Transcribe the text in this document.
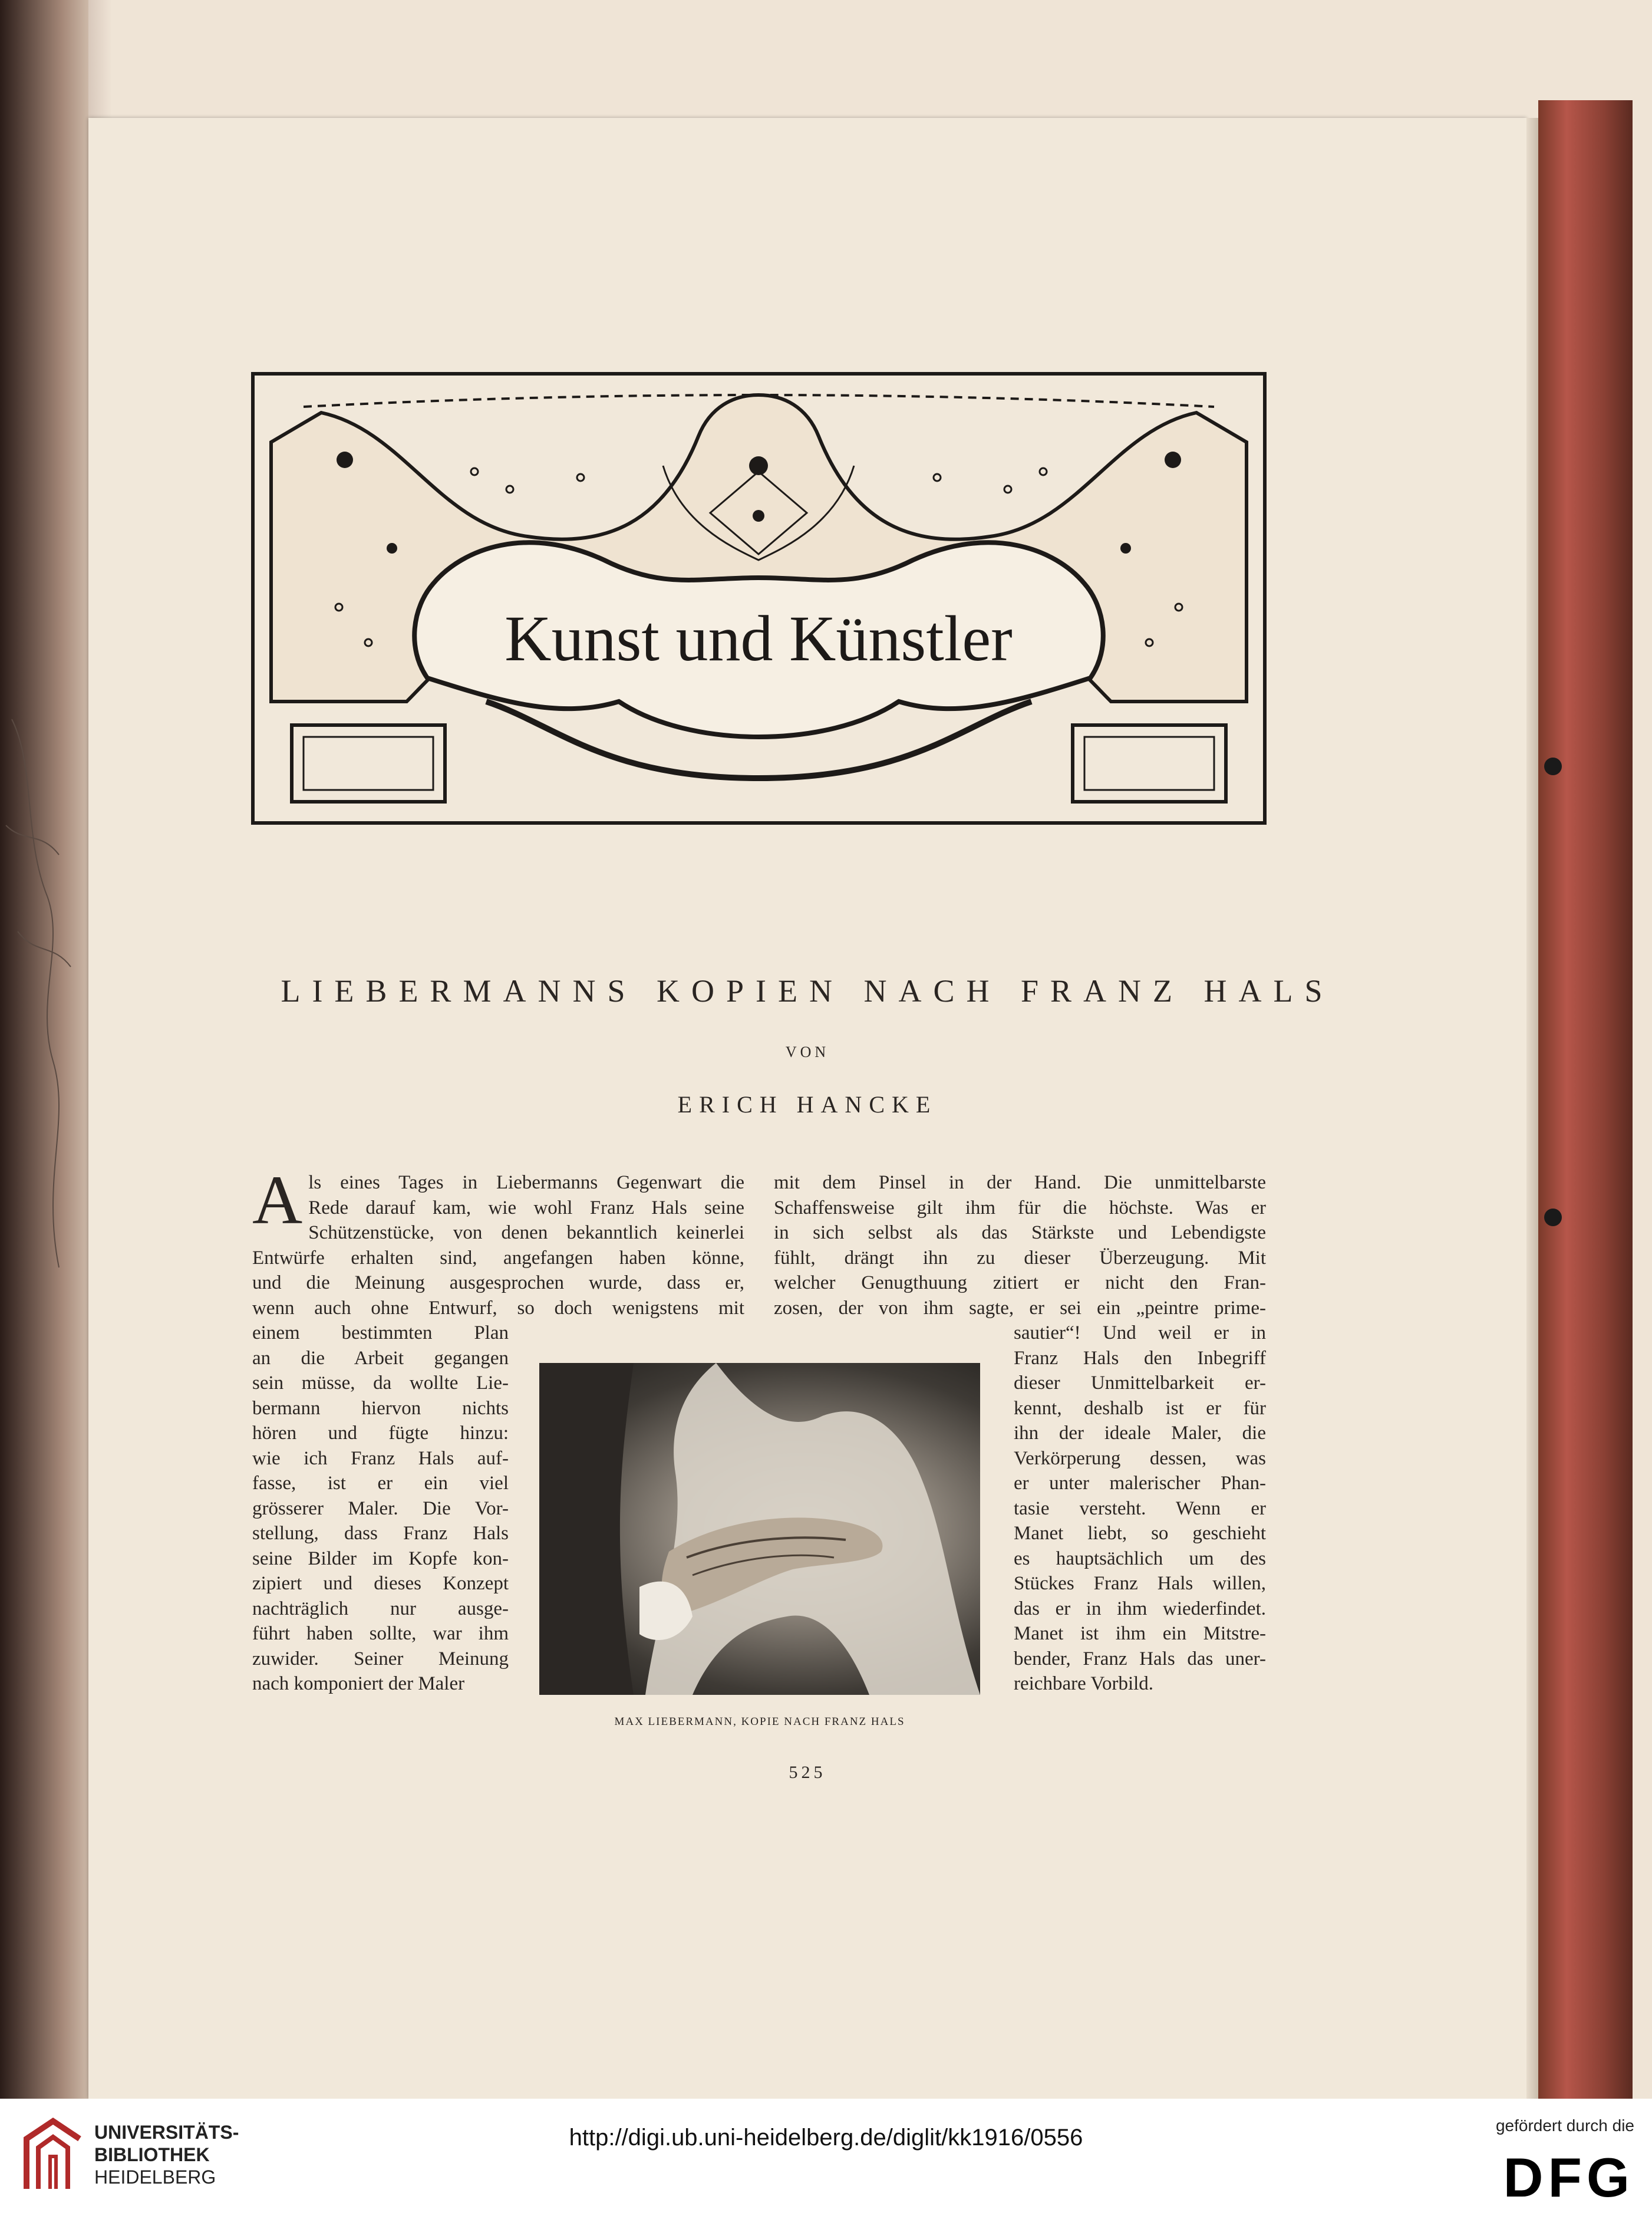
Kunst und Künstler
LIEBERMANNS KOPIEN NACH FRANZ HALS
VON
ERICH HANCKE
A ls eines Tages in Liebermanns Gegenwart die
Rede darauf kam, wie wohl Franz Hals seine
Schützenstücke, von denen bekanntlich keinerlei
Entwürfe erhalten sind, angefangen haben könne,
und die Meinung ausgesprochen wurde, dass er,
wenn auch ohne Entwurf, so doch wenigstens mit
einem bestimmten Plan
an die Arbeit gegangen
sein müsse, da wollte Lie-
bermann hiervon nichts
hören und fügte hinzu:
wie ich Franz Hals auf-
fasse, ist er ein viel
grösserer Maler. Die Vor-
stellung, dass Franz Hals
seine Bilder im Kopfe kon-
zipiert und dieses Konzept
nachträglich nur ausge-
führt haben sollte, war ihm
zuwider. Seiner Meinung
nach komponiert der Maler
mit dem Pinsel in der Hand. Die unmittelbarste
Schaffensweise gilt ihm für die höchste. Was er
in sich selbst als das Stärkste und Lebendigste
fühlt, drängt ihn zu dieser Überzeugung. Mit
welcher Genugthuung zitiert er nicht den Fran-
zosen, der von ihm sagte, er sei ein „peintre prime-
sautier“! Und weil er in
Franz Hals den Inbegriff
dieser Unmittelbarkeit er-
kennt, deshalb ist er für
ihn der ideale Maler, die
Verkörperung dessen, was
er unter malerischer Phan-
tasie versteht. Wenn er
Manet liebt, so geschieht
es hauptsächlich um des
Stückes Franz Hals willen,
das er in ihm wiederfindet.
Manet ist ihm ein Mitstre-
bender, Franz Hals das uner-
reichbare Vorbild.
MAX LIEBERMANN, KOPIE NACH FRANZ HALS
525
UNIVERSITÄTS-
BIBLIOTHEK
HEIDELBERG
http://digi.ub.uni-heidelberg.de/diglit/kk1916/0556	gefördert durch die
DFG
